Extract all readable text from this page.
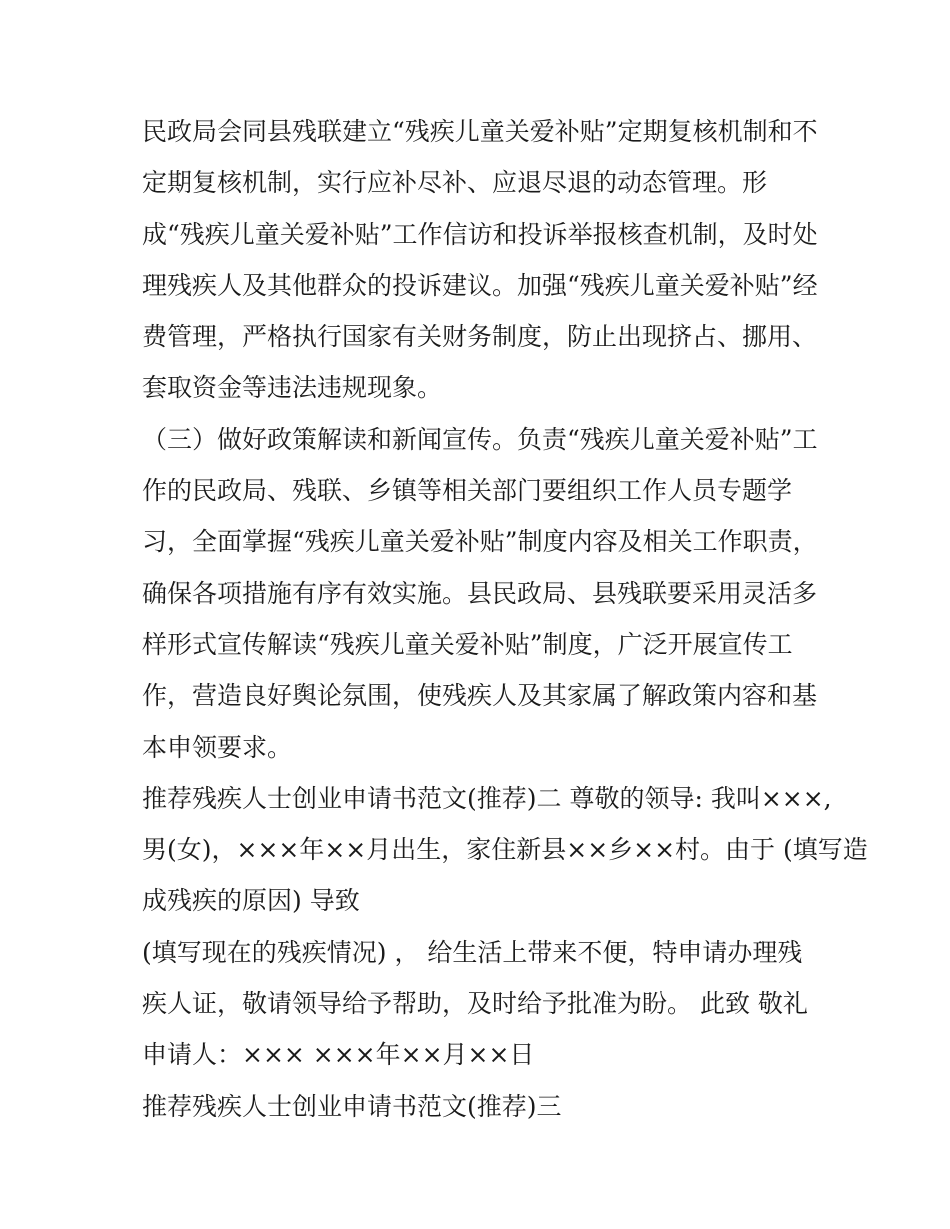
民政局会同县残联建立“残疾儿童关爱补贴”定期复核机制和不
定期复核机制，实行应补尽补、应退尽退的动态管理。形
成“残疾儿童关爱补贴”工作信访和投诉举报核查机制，及时处
理残疾人及其他群众的投诉建议。加强“残疾儿童关爱补贴”经
费管理，严格执行国家有关财务制度，防止出现挤占、挪用、
套取资金等违法违规现象。
（三）做好政策解读和新闻宣传。负责“残疾儿童关爱补贴”工
作的民政局、残联、乡镇等相关部门要组织工作人员专题学
习，全面掌握“残疾儿童关爱补贴”制度内容及相关工作职责，
确保各项措施有序有效实施。县民政局、县残联要采用灵活多
样形式宣传解读“残疾儿童关爱补贴”制度，广泛开展宣传工
作，营造良好舆论氛围，使残疾人及其家属了解政策内容和基
本申领要求。
推荐残疾人士创业申请书范文(推荐)二 尊敬的领导: 我叫×××,
男(女)，×××年××月出生，家住新县××乡××村。由于 (填写造
成残疾的原因) 导致
(填写现在的残疾情况) ， 给生活上带来不便，特申请办理残
疾人证，敬请领导给予帮助，及时给予批准为盼。 此致 敬礼
申请人：××× ×××年××月××日
推荐残疾人士创业申请书范文(推荐)三
